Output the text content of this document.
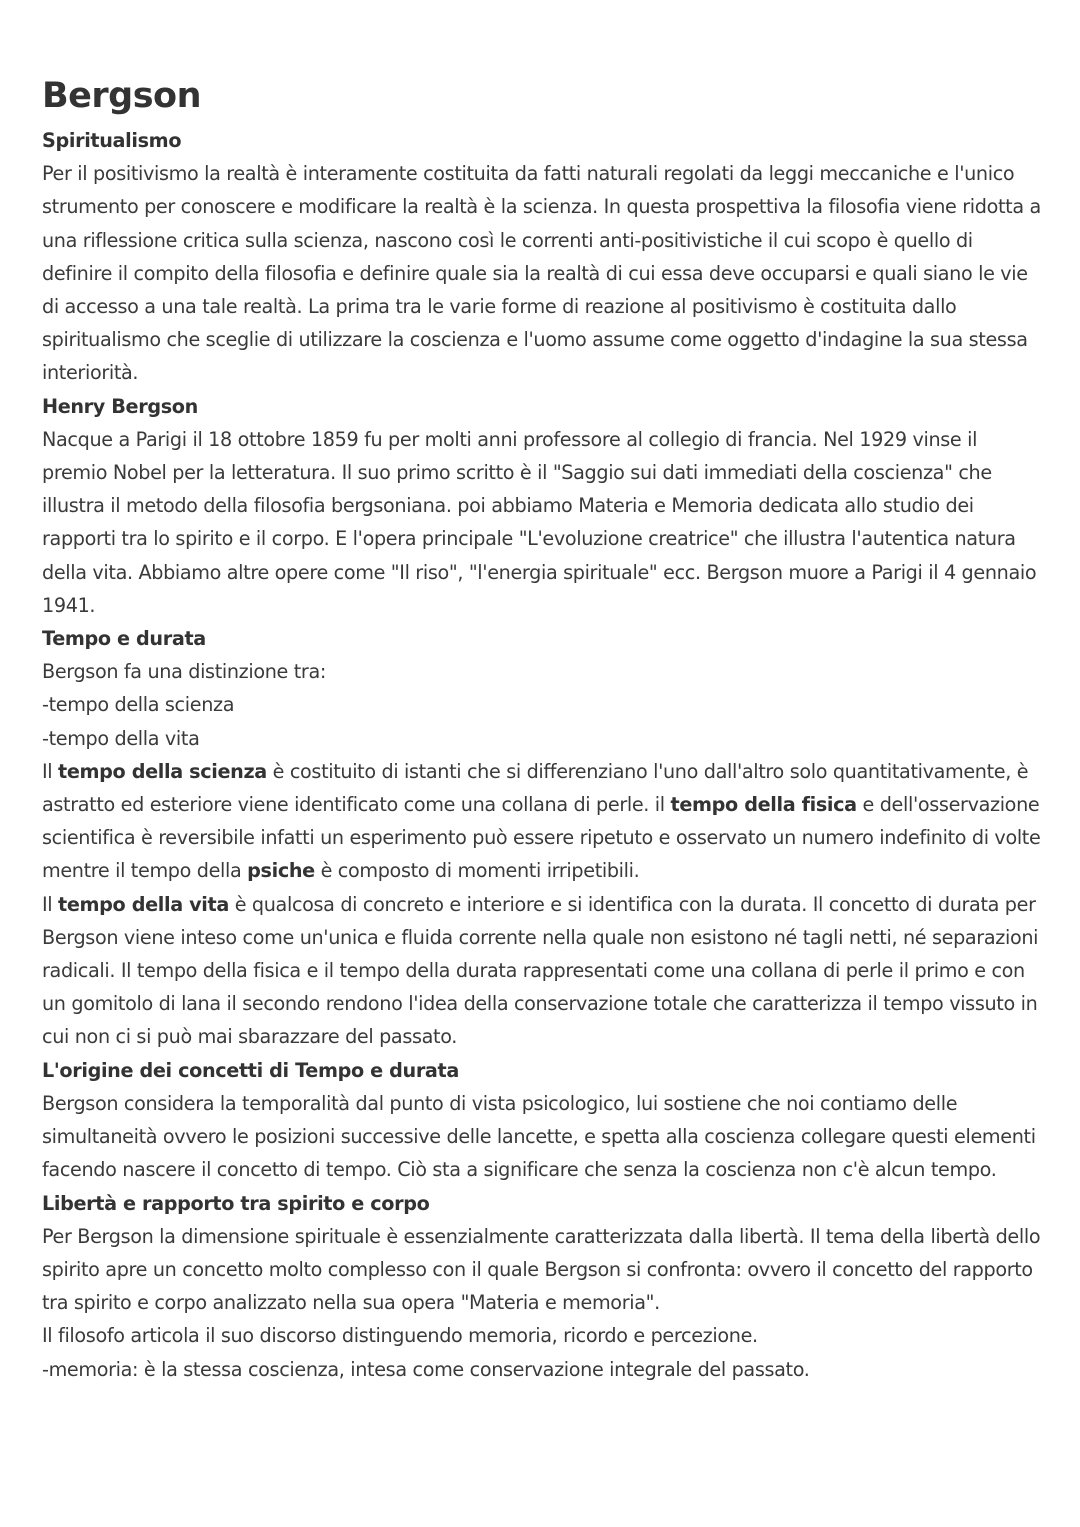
Bergson
Spiritualismo

Per il positivismo la realtà è interamente costituita da fatti naturali regolati da leggi meccaniche e l'unico strumento per conoscere e modificare la realtà è la scienza. In questa prospettiva la filosofia viene ridotta a una riflessione critica sulla scienza, nascono così le correnti anti-positivistiche il cui scopo è quello di definire il compito della filosofia e definire quale sia la realtà di cui essa deve occuparsi e quali siano le vie di accesso a una tale realtà. La prima tra le varie forme di reazione al positivismo è costituita dallo spiritualismo che sceglie di utilizzare la coscienza e l'uomo assume come oggetto d'indagine la sua stessa interiorità.

Henry Bergson

Nacque a Parigi il 18 ottobre 1859 fu per molti anni professore al collegio di francia. Nel 1929 vinse il premio Nobel per la letteratura. Il suo primo scritto è il "Saggio sui dati immediati della coscienza" che illustra il metodo della filosofia bergsoniana. poi abbiamo Materia e Memoria dedicata allo studio dei rapporti tra lo spirito e il corpo. E l'opera principale "L'evoluzione creatrice" che illustra l'autentica natura della vita. Abbiamo altre opere come "Il riso", "l'energia spirituale" ecc. Bergson muore a Parigi il 4 gennaio 1941.

Tempo e durata

Bergson fa una distinzione tra:

-tempo della scienza

-tempo della vita

Il tempo della scienza è costituito di istanti che si differenziano l'uno dall'altro solo quantitativamente, è astratto ed esteriore viene identificato come una collana di perle. il tempo della fisica e dell'osservazione scientifica è reversibile infatti un esperimento può essere ripetuto e osservato un numero indefinito di volte mentre il tempo della psiche è composto di momenti irripetibili.

Il tempo della vita è qualcosa di concreto e interiore e si identifica con la durata. Il concetto di durata per Bergson viene inteso come un'unica e fluida corrente nella quale non esistono né tagli netti, né separazioni radicali. Il tempo della fisica e il tempo della durata rappresentati come una collana di perle il primo e con un gomitolo di lana il secondo rendono l'idea della conservazione totale che caratterizza il tempo vissuto in cui non ci si può mai sbarazzare del passato.

L'origine dei concetti di Tempo e durata

Bergson considera la temporalità dal punto di vista psicologico, lui sostiene che noi contiamo delle simultaneità ovvero le posizioni successive delle lancette, e spetta alla coscienza collegare questi elementi facendo nascere il concetto di tempo. Ciò sta a significare che senza la coscienza non c'è alcun tempo.

Libertà e rapporto tra spirito e corpo

Per Bergson la dimensione spirituale è essenzialmente caratterizzata dalla libertà. Il tema della libertà dello spirito apre un concetto molto complesso con il quale Bergson si confronta: ovvero il concetto del rapporto tra spirito e corpo analizzato nella sua opera "Materia e memoria".

Il filosofo articola il suo discorso distinguendo memoria, ricordo e percezione.

-memoria: è la stessa coscienza, intesa come conservazione integrale del passato.
